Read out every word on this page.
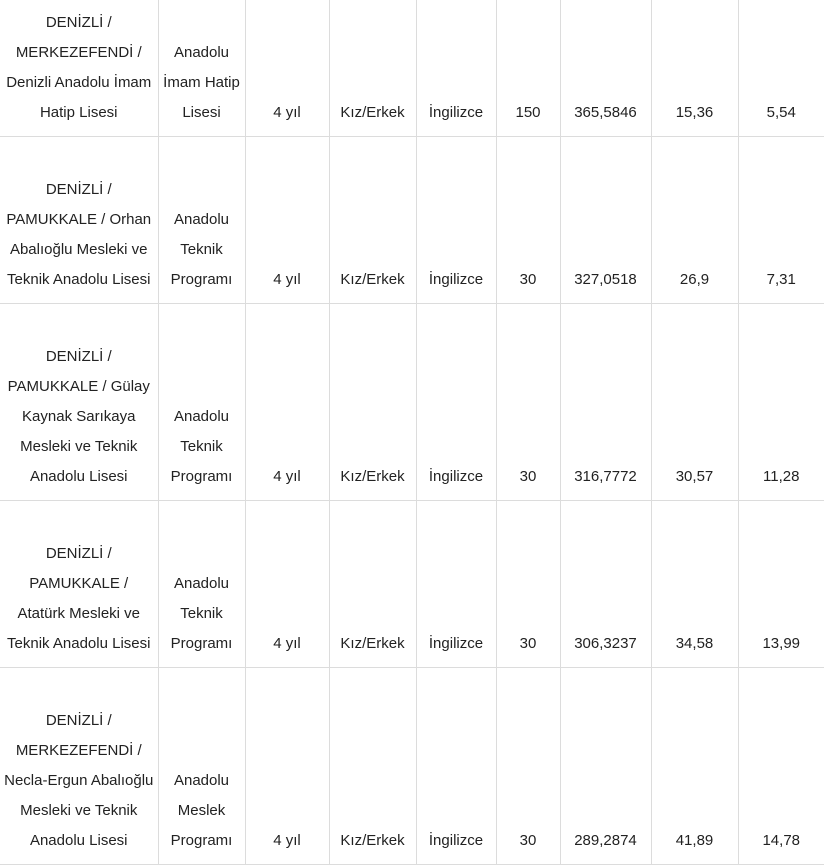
DENİZLİ / MERKEZEFENDİ / Denizli Anadolu İmam Hatip Lisesi	Anadolu İmam Hatip Lisesi	4 yıl	Kız/Erkek	İngilizce	150	365,5846	15,36	5,54
DENİZLİ / PAMUKKALE / Orhan Abalıoğlu Mesleki ve Teknik Anadolu Lisesi	Anadolu Teknik Programı	4 yıl	Kız/Erkek	İngilizce	30	327,0518	26,9	7,31
DENİZLİ / PAMUKKALE / Gülay Kaynak Sarıkaya Mesleki ve Teknik Anadolu Lisesi	Anadolu Teknik Programı	4 yıl	Kız/Erkek	İngilizce	30	316,7772	30,57	11,28
DENİZLİ / PAMUKKALE / Atatürk Mesleki ve Teknik Anadolu Lisesi	Anadolu Teknik Programı	4 yıl	Kız/Erkek	İngilizce	30	306,3237	34,58	13,99
DENİZLİ / MERKEZEFENDİ / Necla-Ergun Abalıoğlu Mesleki ve Teknik Anadolu Lisesi	Anadolu Meslek Programı	4 yıl	Kız/Erkek	İngilizce	30	289,2874	41,89	14,78
